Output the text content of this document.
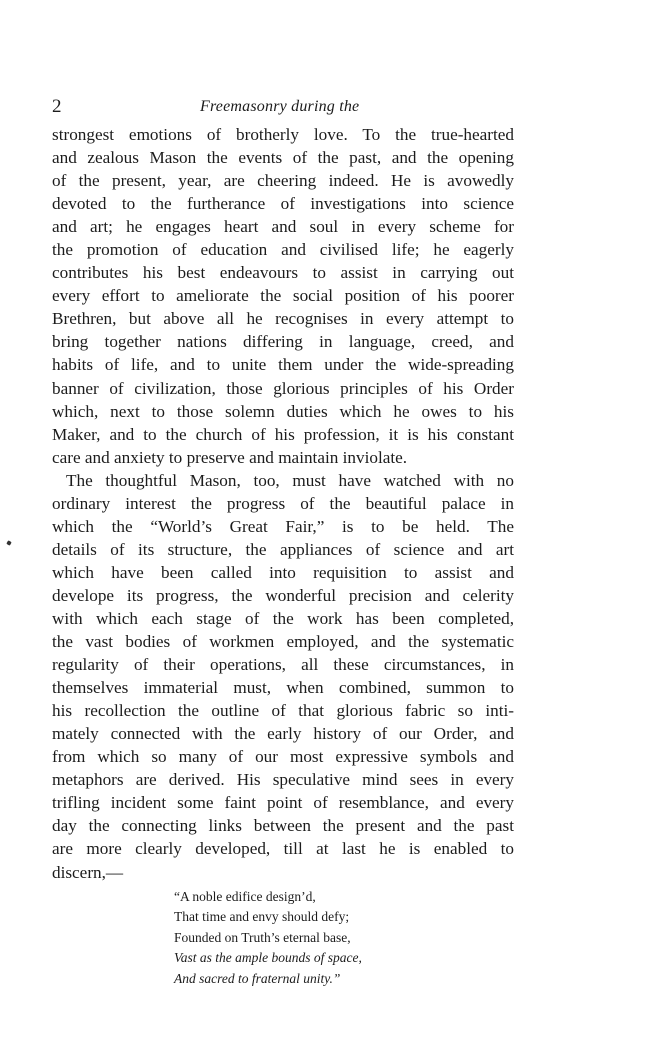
2	Freemasonry during the
strongest emotions of brotherly love. To the true-hearted
and zealous Mason the events of the past, and the opening
of the present, year, are cheering indeed. He is avowedly
devoted to the furtherance of investigations into science
and art; he engages heart and soul in every scheme for
the promotion of education and civilised life; he eagerly
contributes his best endeavours to assist in carrying out
every effort to ameliorate the social position of his poorer
Brethren, but above all he recognises in every attempt to
bring together nations differing in language, creed, and
habits of life, and to unite them under the wide-spreading
banner of civilization, those glorious principles of his Order
which, next to those solemn duties which he owes to his
Maker, and to the church of his profession, it is his constant
care and anxiety to preserve and maintain inviolate.
The thoughtful Mason, too, must have watched with no
ordinary interest the progress of the beautiful palace in
which the “World’s Great Fair,” is to be held. The
details of its structure, the appliances of science and art
which have been called into requisition to assist and
develope its progress, the wonderful precision and celerity
with which each stage of the work has been completed,
the vast bodies of workmen employed, and the systematic
regularity of their operations, all these circumstances, in
themselves immaterial must, when combined, summon to
his recollection the outline of that glorious fabric so inti-
mately connected with the early history of our Order, and
from which so many of our most expressive symbols and
metaphors are derived. His speculative mind sees in every
trifling incident some faint point of resemblance, and every
day the connecting links between the present and the past
are more clearly developed, till at last he is enabled to
discern,—
“A noble edifice design’d,
That time and envy should defy;
Founded on Truth’s eternal base,
Vast as the ample bounds of space,
And sacred to fraternal unity.”
